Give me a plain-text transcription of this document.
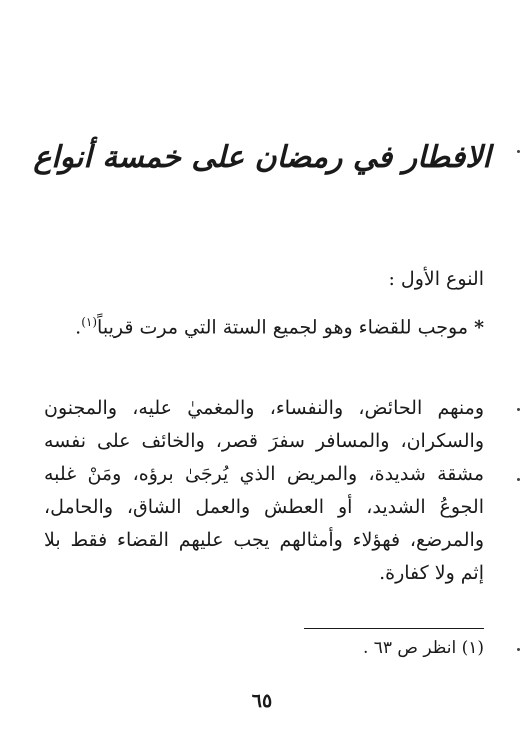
الافطار في رمضان على خمسة أنواع
النوع الأول :
* موجب للقضاء وهو لجميع الستة التي مرت قريباً$^{(١)}$.
ومنهم الحائض، والنفساء، والمغميٰ عليه، والمجنون والسكران، والمسافر سفرَ قصر، والخائف على نفسه مشقة شديدة، والمريض الذي يُرجَىٰ برؤه، ومَنْ غلبه الجوعُ الشديد، أو العطش والعمل الشاق، والحامل، والمرضع، فهؤلاء وأمثالهم يجب عليهم القضاء فقط بلا إثم ولا كفارة.
(١) انظر ص ٦٣ .
٦٥
